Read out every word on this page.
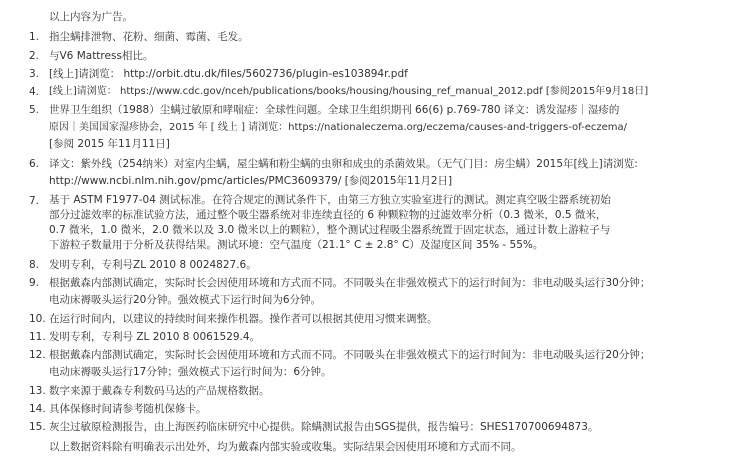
以上内容为广告。
1. 指尘螨排泄物、花粉、细菌、霉菌、毛发。
2. 与V6 Mattress相比。
3. [线上]请浏览： http://orbit.dtu.dk/files/5602736/plugin-es103894r.pdf
4. [线上]请浏览： https://www.cdc.gov/nceh/publications/books/housing/housing_ref_manual_2012.pdf [参阅2015年9月18日]
5. 世界卫生组织（1988）尘螨过敏原和哮喘症：全球性问题。全球卫生组织期刊 66(6) p.769-780 译文：诱发湿疹｜湿疹的
原因｜美国国家湿疹协会，2015 年 [ 线上 ] 请浏览：https://nationaleczema.org/eczema/causes-and-triggers-of-eczema/
[参阅 2015 年11月11日]
6. 译文：紫外线（254纳米）对室内尘螨，屋尘螨和粉尘螨的虫卵和成虫的杀菌效果。（无气门目：房尘螨）2015年[线上]请浏览:
http://www.ncbi.nlm.nih.gov/pmc/articles/PMC3609379/ [参阅2015年11月2日]
7. 基于 ASTM F1977-04 测试标准。在符合规定的测试条件下，由第三方独立实验室进行的测试。测定真空吸尘器系统初始
部分过滤效率的标准试验方法，通过整个吸尘器系统对非连续直径的 6 种颗粒物的过滤效率分析（0.3 微米，0.5 微米，
0.7 微米，1.0 微米，2.0 微米以及 3.0 微米以上的颗粒），整个测试过程吸尘器系统置于固定状态，通过计数上游粒子与
下游粒子数量用于分析及获得结果。测试环境：空气温度（21.1° C ± 2.8° C）及湿度区间 35% - 55%。
8. 发明专利，专利号ZL 2010 8 0024827.6。
9. 根据戴森内部测试确定，实际时长会因使用环境和方式而不同。不同吸头在非强效模式下的运行时间为：非电动吸头运行30分钟；
电动床褥吸头运行20分钟。强效模式下运行时间为6分钟。
10. 在运行时间内，以建议的持续时间来操作机器。操作者可以根据其使用习惯来调整。
11. 发明专利，专利号 ZL 2010 8 0061529.4。
12. 根据戴森内部测试确定，实际时长会因使用环境和方式而不同。不同吸头在非强效模式下的运行时间为：非电动吸头运行20分钟；
电动床褥吸头运行17分钟；强效模式下运行时间为：6分钟。
13. 数字来源于戴森专利数码马达的产品规格数据。
14. 具体保修时间请参考随机保修卡。
15. 灰尘过敏原检测报告，由上海医药临床研究中心提供。除螨测试报告由SGS提供，报告编号：SHES170700694873。
以上数据资料除有明确表示出处外，均为戴森内部实验或收集。实际结果会因使用环境和方式而不同。
